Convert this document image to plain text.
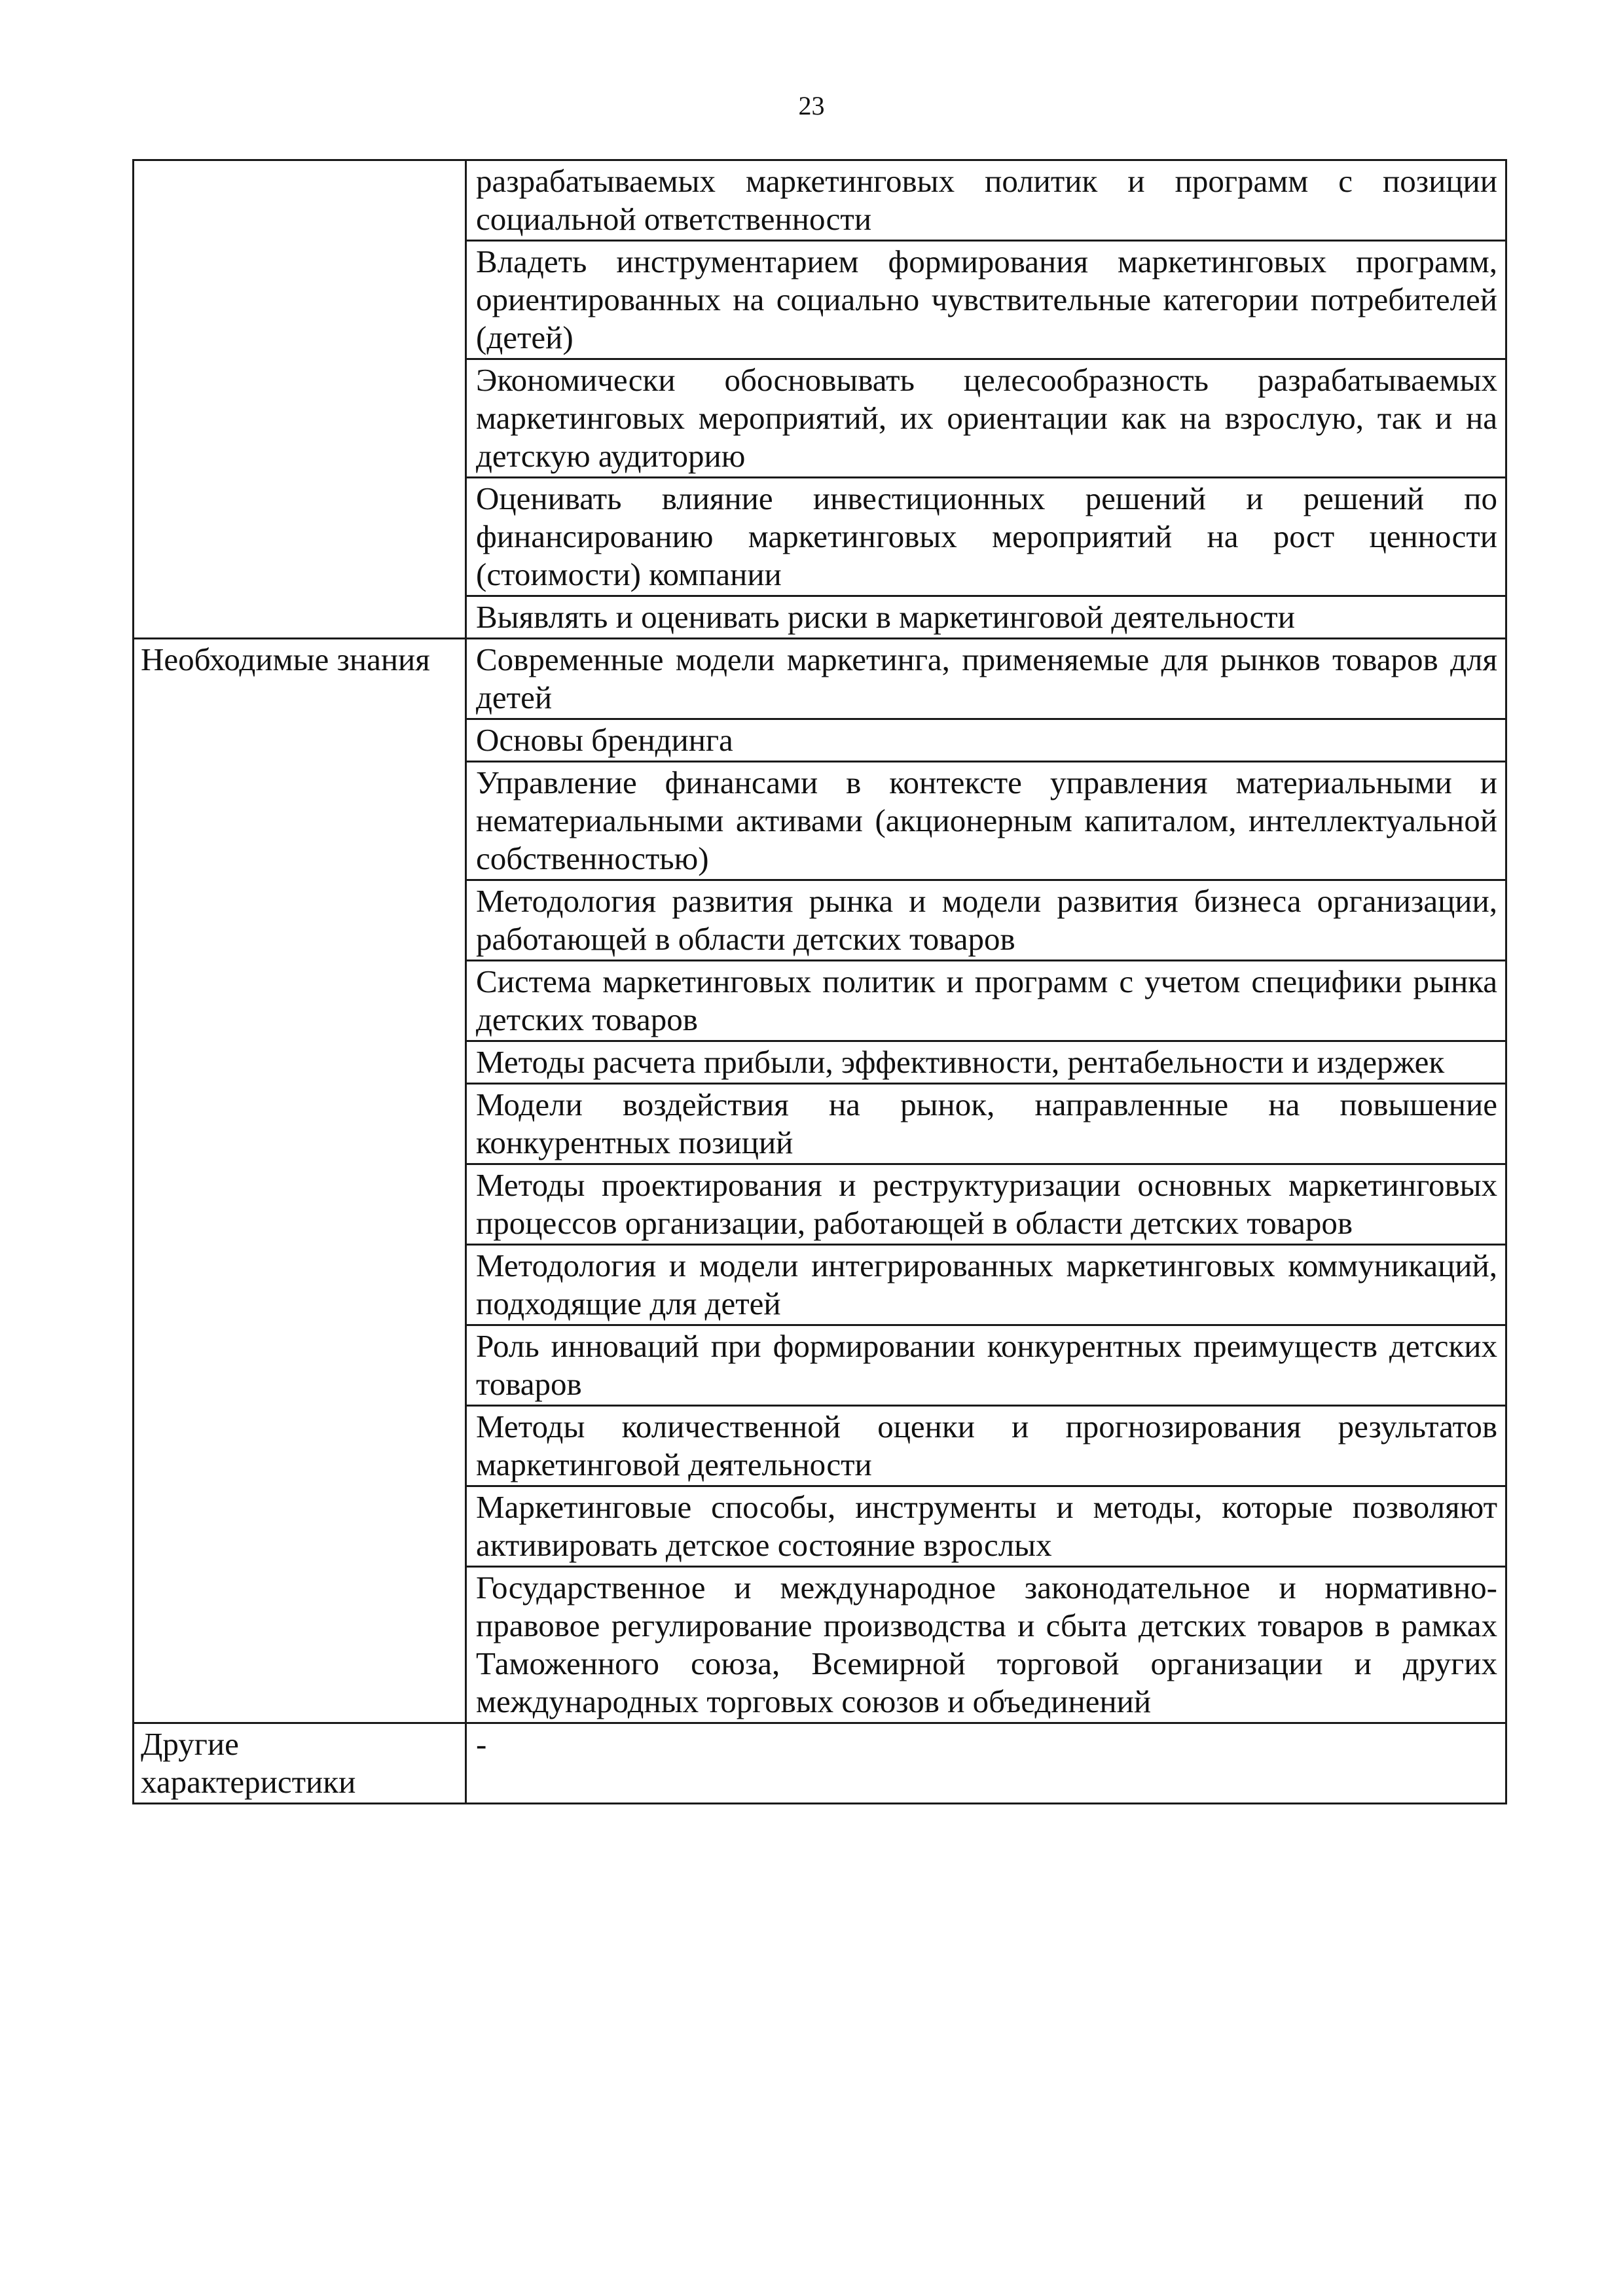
23
	разрабатываемых маркетинговых политик и программ с позиции социальной ответственности
	Владеть инструментарием формирования маркетинговых программ, ориентированных на социально чувствительные категории потребителей (детей)
	Экономически обосновывать целесообразность разрабатываемых маркетинговых мероприятий, их ориентации как на взрослую, так и на детскую аудиторию
	Оценивать влияние инвестиционных решений и решений по финансированию маркетинговых мероприятий на рост ценности (стоимости) компании
	Выявлять и оценивать риски в маркетинговой деятельности
Необходимые знания	Современные модели маркетинга, применяемые для рынков товаров для детей
	Основы брендинга
	Управление финансами в контексте управления материальными и нематериальными активами (акционерным капиталом, интеллектуальной собственностью)
	Методология развития рынка и модели развития бизнеса организации, работающей в области детских товаров
	Система маркетинговых политик и программ с учетом специфики рынка детских товаров
	Методы расчета прибыли, эффективности, рентабельности и издержек
	Модели воздействия на рынок, направленные на повышение конкурентных позиций
	Методы проектирования и реструктуризации основных маркетинговых процессов организации, работающей в области детских товаров
	Методология и модели интегрированных маркетинговых коммуникаций, подходящие для детей
	Роль инноваций при формировании конкурентных преимуществ детских товаров
	Методы количественной оценки и прогнозирования результатов маркетинговой деятельности
	Маркетинговые способы, инструменты и методы, которые позволяют активировать детское состояние взрослых
	Государственное и международное законодательное и нормативно-правовое регулирование производства и сбыта детских товаров в рамках Таможенного союза, Всемирной торговой организации и других международных торговых союзов и объединений
Другие характеристики	-
